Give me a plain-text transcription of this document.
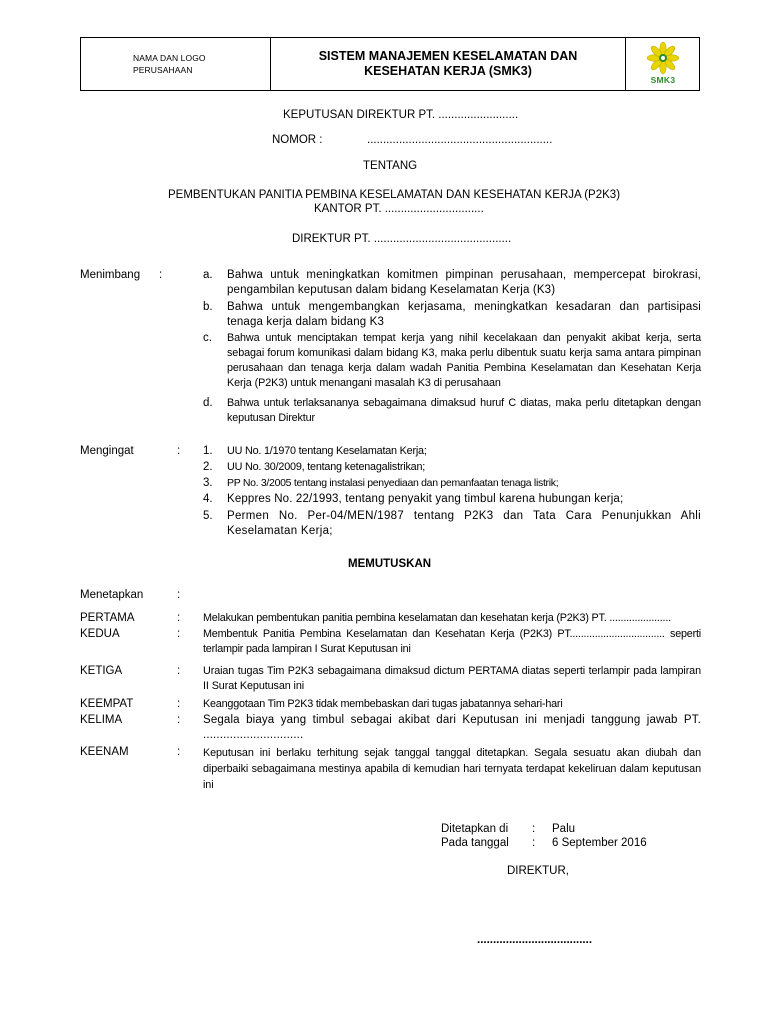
NAMA DAN LOGO PERUSAHAAN
SISTEM MANAJEMEN KESELAMATAN DAN KESEHATAN KERJA (SMK3)
SMK3
KEPUTUSAN DIREKTUR PT. .........................
NOMOR :	..........................................................
TENTANG
PEMBENTUKAN PANITIA PEMBINA KESELAMATAN DAN KESEHATAN KERJA (P2K3)
KANTOR PT. ...............................
DIREKTUR PT. ...........................................
Menimbang :	a. Bahwa untuk meningkatkan komitmen pimpinan perusahaan, mempercepat birokrasi, pengambilan keputusan dalam bidang Keselamatan Kerja (K3)
b. Bahwa untuk mengembangkan kerjasama, meningkatkan kesadaran dan partisipasi tenaga kerja dalam bidang K3
c. Bahwa untuk menciptakan tempat kerja yang nihil kecelakaan dan penyakit akibat kerja, serta sebagai forum komunikasi dalam bidang K3, maka perlu dibentuk suatu kerja sama antara pimpinan perusahaan dan tenaga kerja dalam wadah Panitia Pembina Keselamatan dan Kesehatan Kerja Kerja (P2K3) untuk menangani masalah K3 di perusahaan
d. Bahwa untuk terlaksananya sebagaimana dimaksud huruf C diatas, maka perlu ditetapkan dengan keputusan Direktur
Mengingat	: 1. UU No. 1/1970 tentang Keselamatan Kerja;
2. UU No. 30/2009, tentang ketenagalistrikan;
3. PP No. 3/2005 tentang instalasi penyediaan dan pemanfaatan tenaga listrik;
4. Keppres No. 22/1993, tentang penyakit yang timbul karena hubungan kerja;
5. Permen No. Per-04/MEN/1987 tentang P2K3 dan Tata Cara Penunjukkan Ahli Keselamatan Kerja;
MEMUTUSKAN
Menetapkan	:
PERTAMA	: Melakukan pembentukan panitia pembina keselamatan dan kesehatan kerja (P2K3) PT. ......................
KEDUA	: Membentuk Panitia Pembina Keselamatan dan Kesehatan Kerja (P2K3) PT.................................. seperti terlampir pada lampiran I Surat Keputusan ini
KETIGA	: Uraian tugas Tim P2K3 sebagaimana dimaksud dictum PERTAMA diatas seperti terlampir pada lampiran II Surat Keputusan ini
KEEMPAT	: Keanggotaan Tim P2K3 tidak membebaskan dari tugas jabatannya sehari-hari
KELIMA	: Segala biaya yang timbul sebagai akibat dari Keputusan ini menjadi tanggung jawab PT. ..............................
KEENAM	: Keputusan ini berlaku terhitung sejak tanggal tanggal ditetapkan. Segala sesuatu akan diubah dan diperbaiki sebagaimana mestinya apabila di kemudian hari ternyata terdapat kekeliruan dalam keputusan ini
Ditetapkan di : Palu
Pada tanggal : 6 September 2016
DIREKTUR,
....................................
